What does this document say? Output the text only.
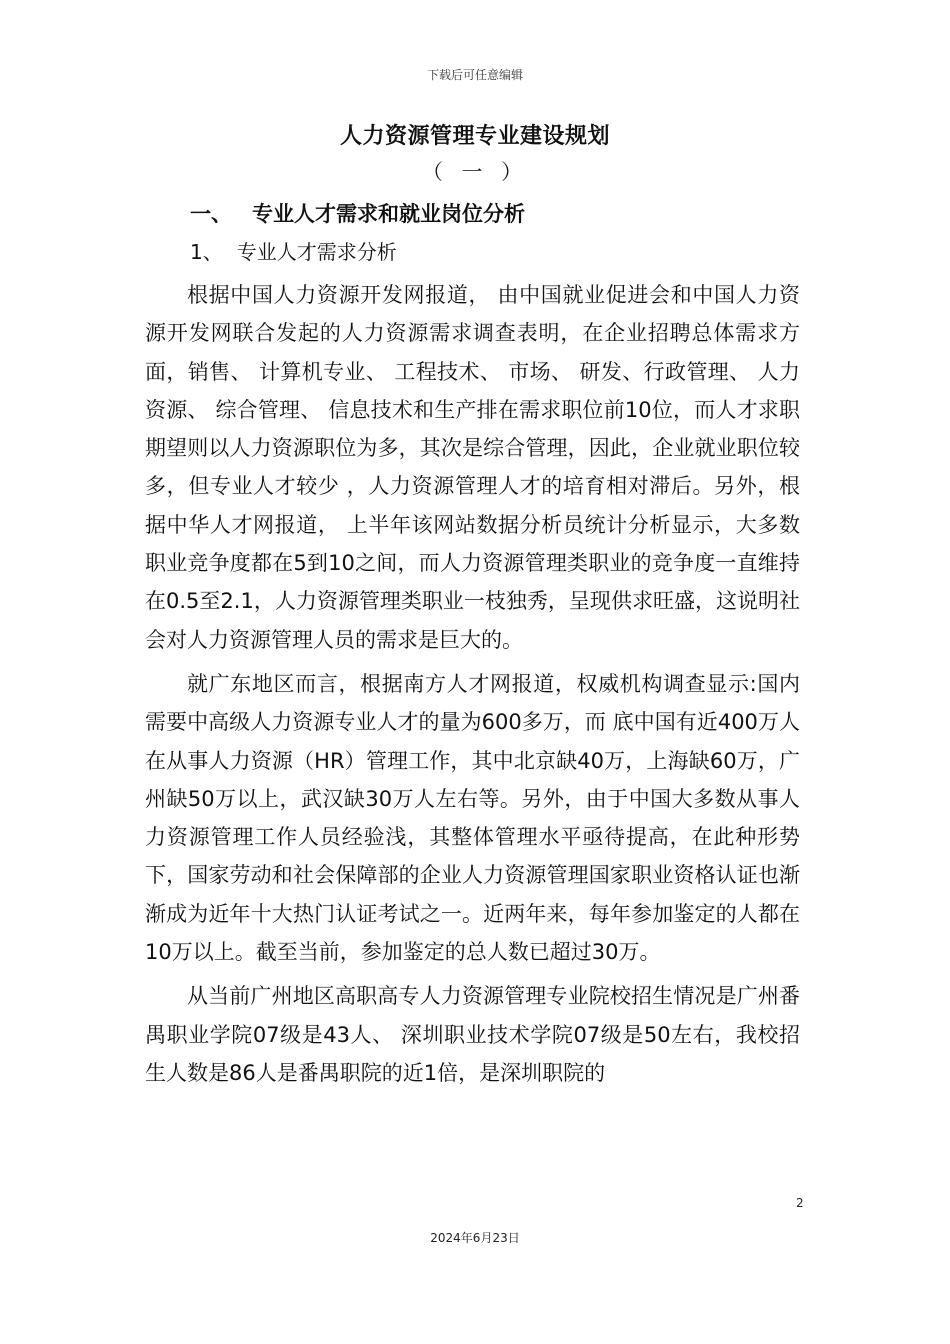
下载后可任意编辑
人力资源管理专业建设规划
（ 一 ）
一、 专业人才需求和就业岗位分析
1、 专业人才需求分析

根据中国人力资源开发网报道， 由中国就业促进会和中国人力资源开发网联合发起的人力资源需求调查表明，在企业招聘总体需求方面，销售、 计算机专业、 工程技术、 市场、 研发、行政管理、 人力资源、 综合管理、 信息技术和生产排在需求职位前10位，而人才求职期望则以人力资源职位为多，其次是综合管理，因此，企业就业职位较多，但专业人才较少 ，人力资源管理人才的培育相对滞后。另外，根据中华人才网报道， 上半年该网站数据分析员统计分析显示，大多数职业竞争度都在5到10之间，而人力资源管理类职业的竞争度一直维持在0.5至2.1，人力资源管理类职业一枝独秀，呈现供求旺盛，这说明社会对人力资源管理人员的需求是巨大的。

就广东地区而言，根据南方人才网报道，权威机构调查显示:国内需要中高级人力资源专业人才的量为600多万，而 底中国有近400万人在从事人力资源（HR）管理工作，其中北京缺40万，上海缺60万，广州缺50万以上，武汉缺30万人左右等。另外，由于中国大多数从事人力资源管理工作人员经验浅，其整体管理水平亟待提高，在此种形势下，国家劳动和社会保障部的企业人力资源管理国家职业资格认证也渐渐成为近年十大热门认证考试之一。近两年来，每年参加鉴定的人都在10万以上。截至当前，参加鉴定的总人数已超过30万。

从当前广州地区高职高专人力资源管理专业院校招生情况是广州番禺职业学院07级是43人、 深圳职业技术学院07级是50左右，我校招生人数是86人是番禺职院的近1倍，是深圳职院的

2
2024年6月23日
